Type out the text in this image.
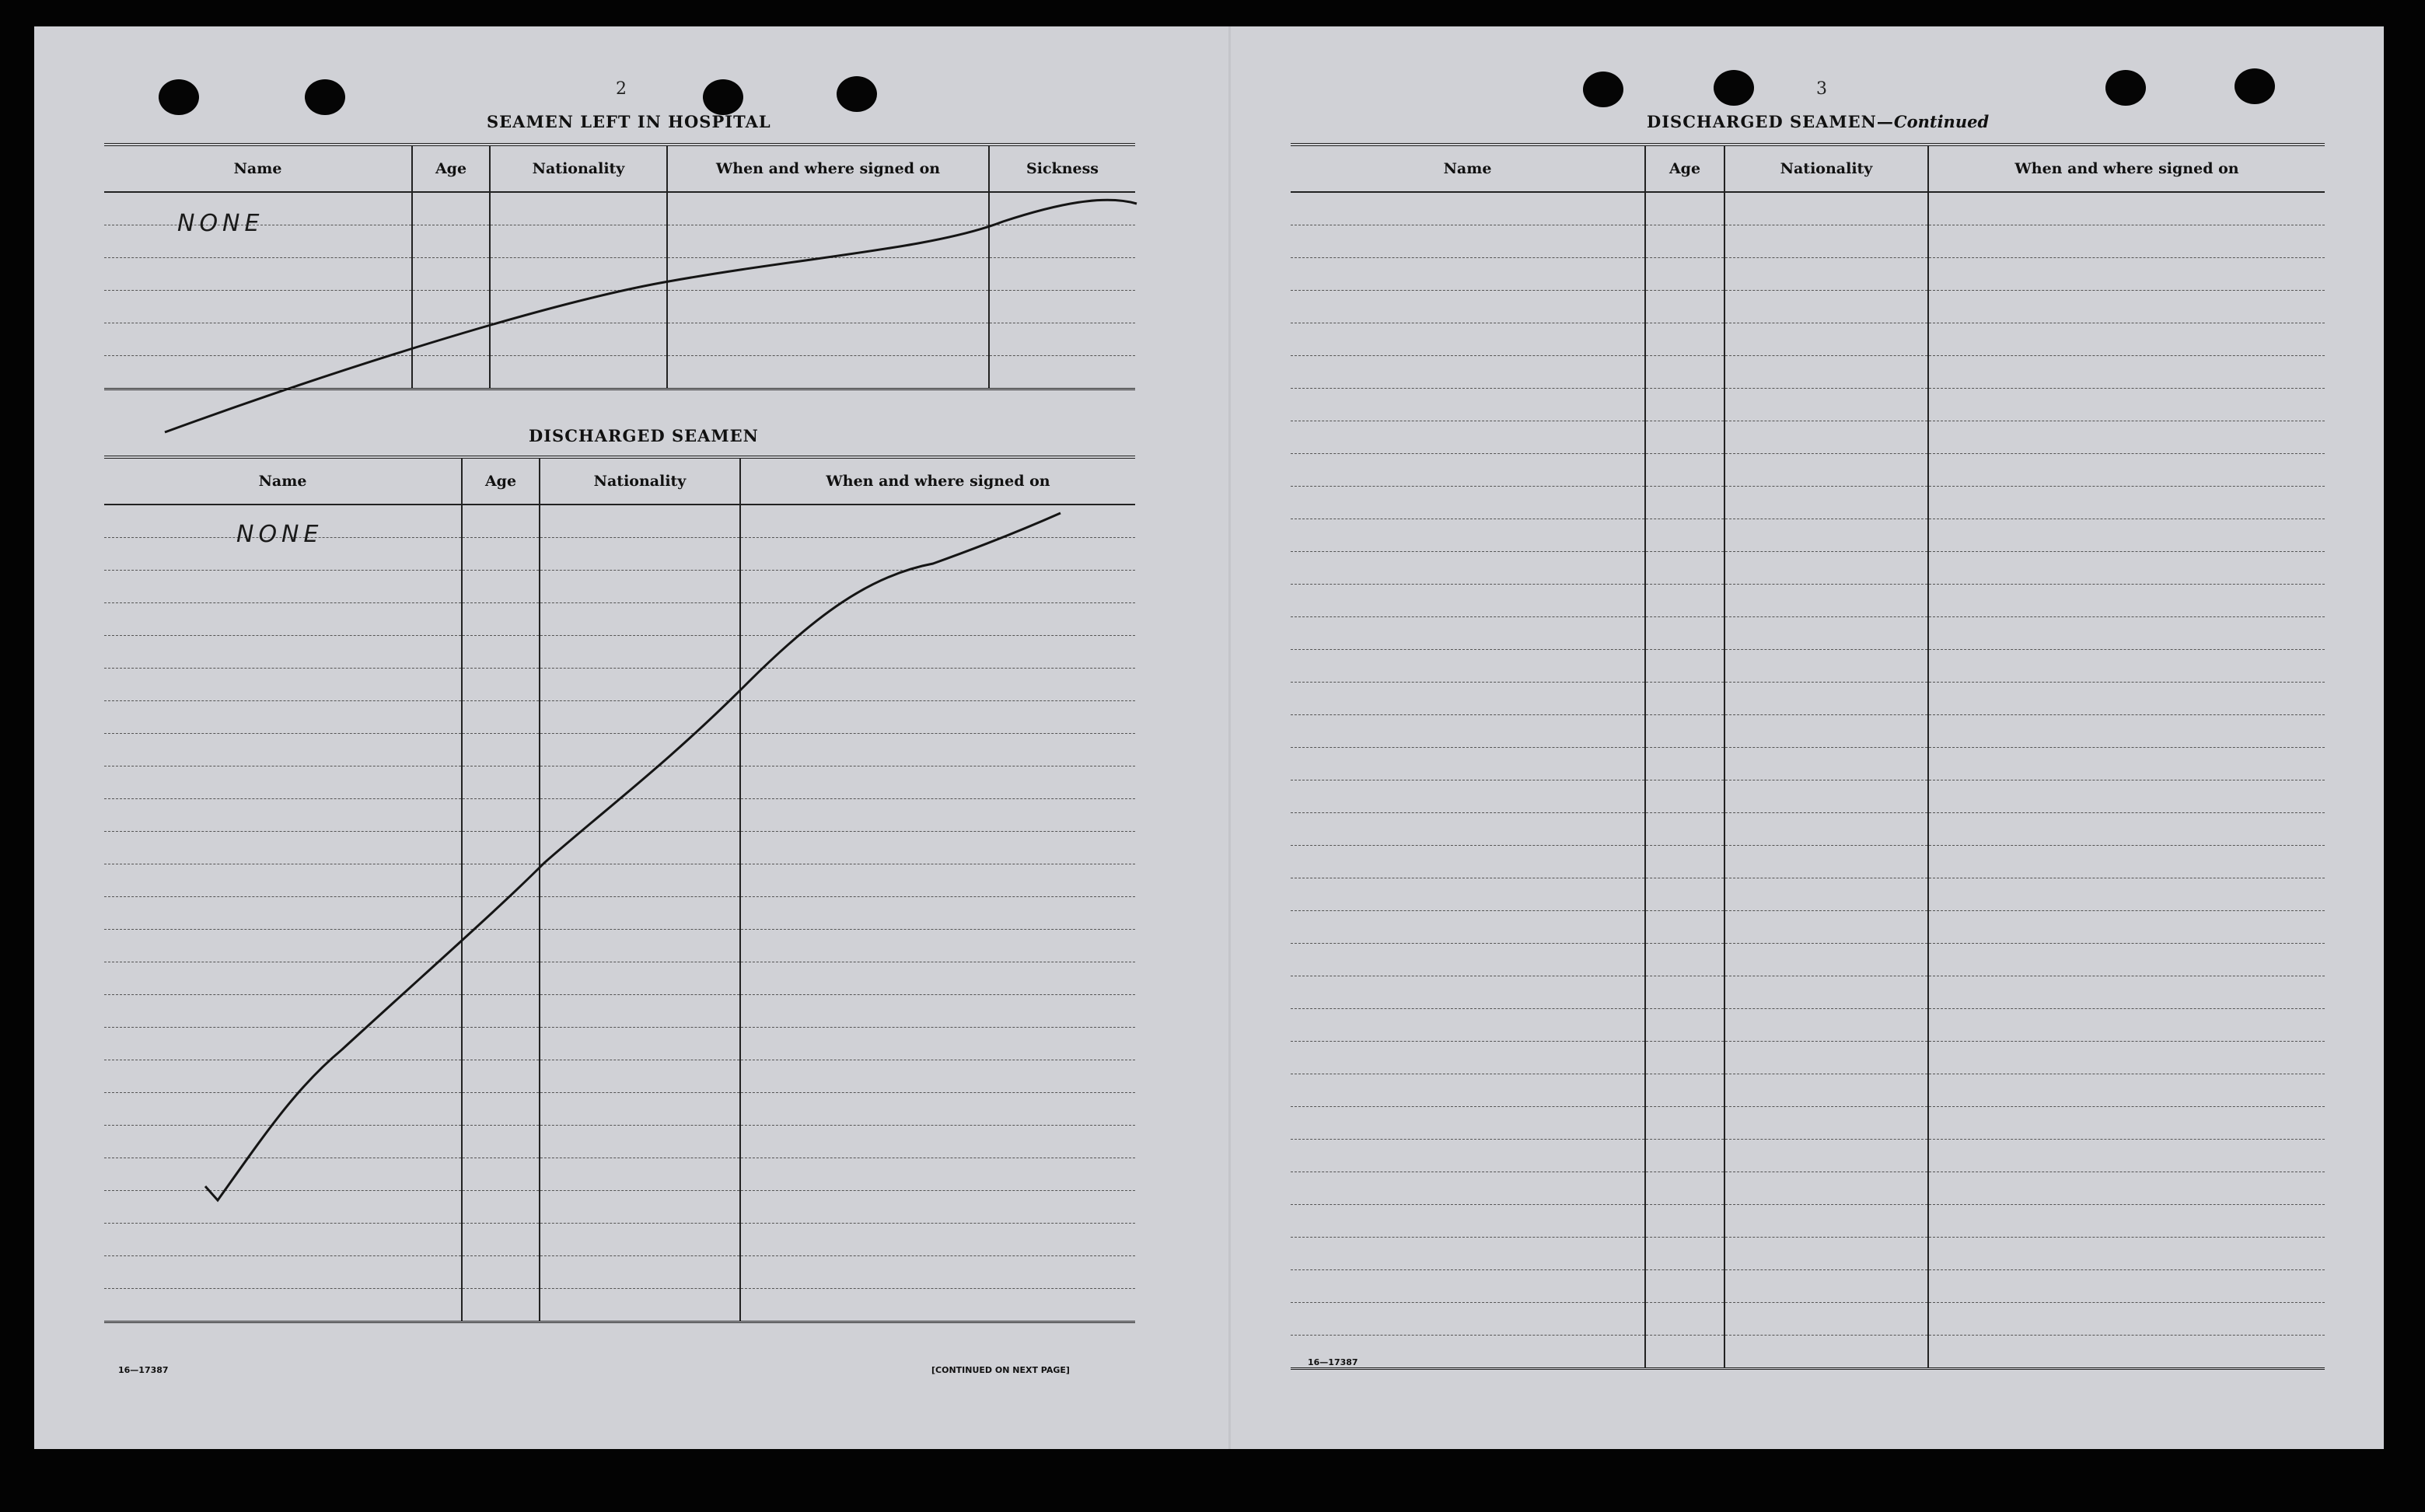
2
SEAMEN LEFT IN HOSPITAL
Name	Age	Nationality	When and where signed on	Sickness

NONE
DISCHARGED SEAMEN
Name	Age	Nationality	When and where signed on

NONE
16—17387	[CONTINUED ON NEXT PAGE]
3
DISCHARGED SEAMEN—Continued
Name	Age	Nationality	When and where signed on

16—17387
